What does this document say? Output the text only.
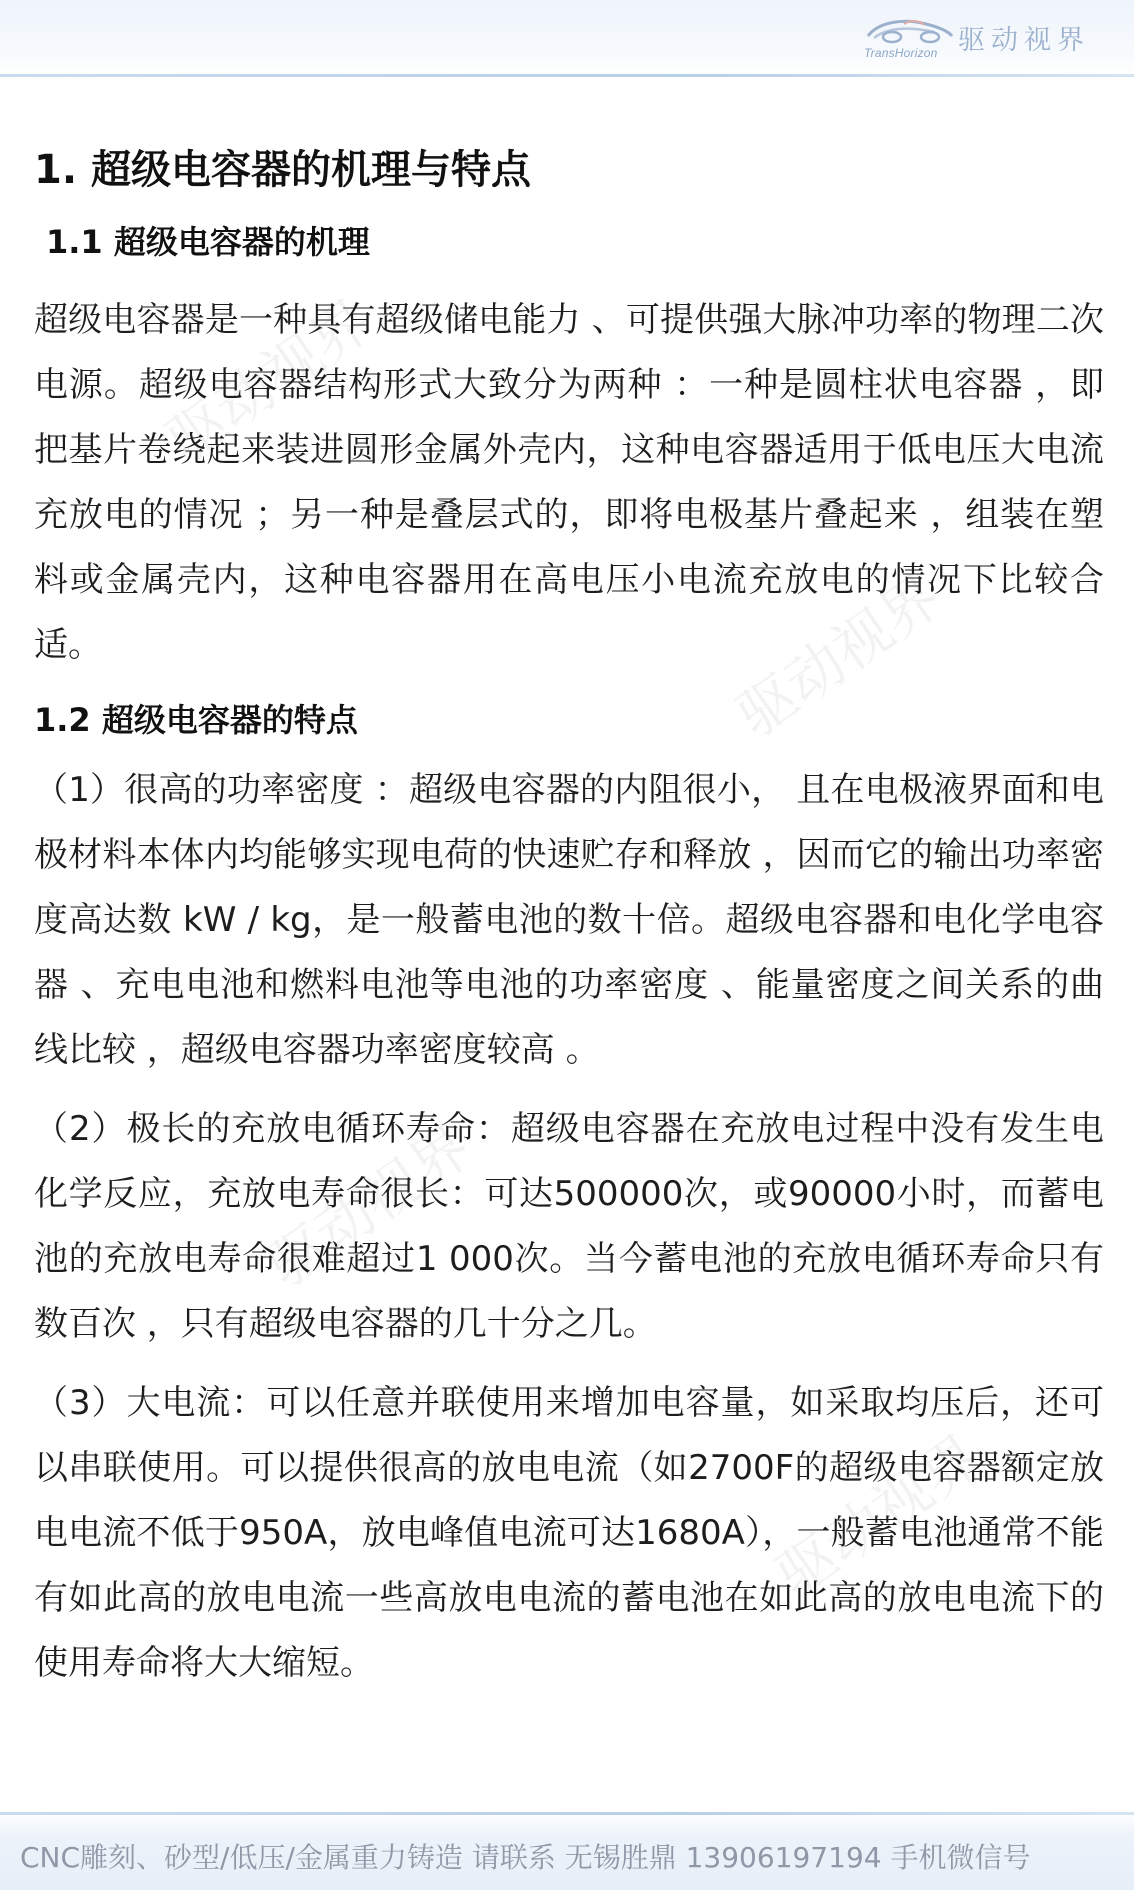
TransHorizon 驱动视界
驱动视界
驱动视界
驱动视界
驱动视界
1. 超级电容器的机理与特点
1.1 超级电容器的机理

超级电容器是一种具有超级储电能力 、可提供强大脉冲功率的物理二次电源。超级电容器结构形式大致分为两种 ：一种是圆柱状电容器 ，即把基片卷绕起来装进圆形金属外壳内，这种电容器适用于低电压大电流充放电的情况 ；另一种是叠层式的，即将电极基片叠起来 ，组装在塑料或金属壳内，这种电容器用在高电压小电流充放电的情况下比较合适。

1.2 超级电容器的特点

（1）很高的功率密度 ：超级电容器的内阻很小， 且在电极液界面和电极材料本体内均能够实现电荷的快速贮存和释放 ，因而它的输出功率密度高达数 kW / kg，是一般蓄电池的数十倍。超级电容器和电化学电容器 、充电电池和燃料电池等电池的功率密度 、能量密度之间关系的曲线比较 ，超级电容器功率密度较高 。

（2）极长的充放电循环寿命：超级电容器在充放电过程中没有发生电化学反应，充放电寿命很长：可达500000次，或90000小时，而蓄电池的充放电寿命很难超过1 000次。当今蓄电池的充放电循环寿命只有数百次 ，只有超级电容器的几十分之几。

（3）大电流：可以任意并联使用来增加电容量，如采取均压后，还可以串联使用。可以提供很高的放电电流（如2700F的超级电容器额定放电电流不低于950A，放电峰值电流可达1680A），一般蓄电池通常不能有如此高的放电电流一些高放电电流的蓄电池在如此高的放电电流下的使用寿命将大大缩短。

CNC雕刻、砂型/低压/金属重力铸造 请联系 无锡胜鼎 13906197194 手机微信号
